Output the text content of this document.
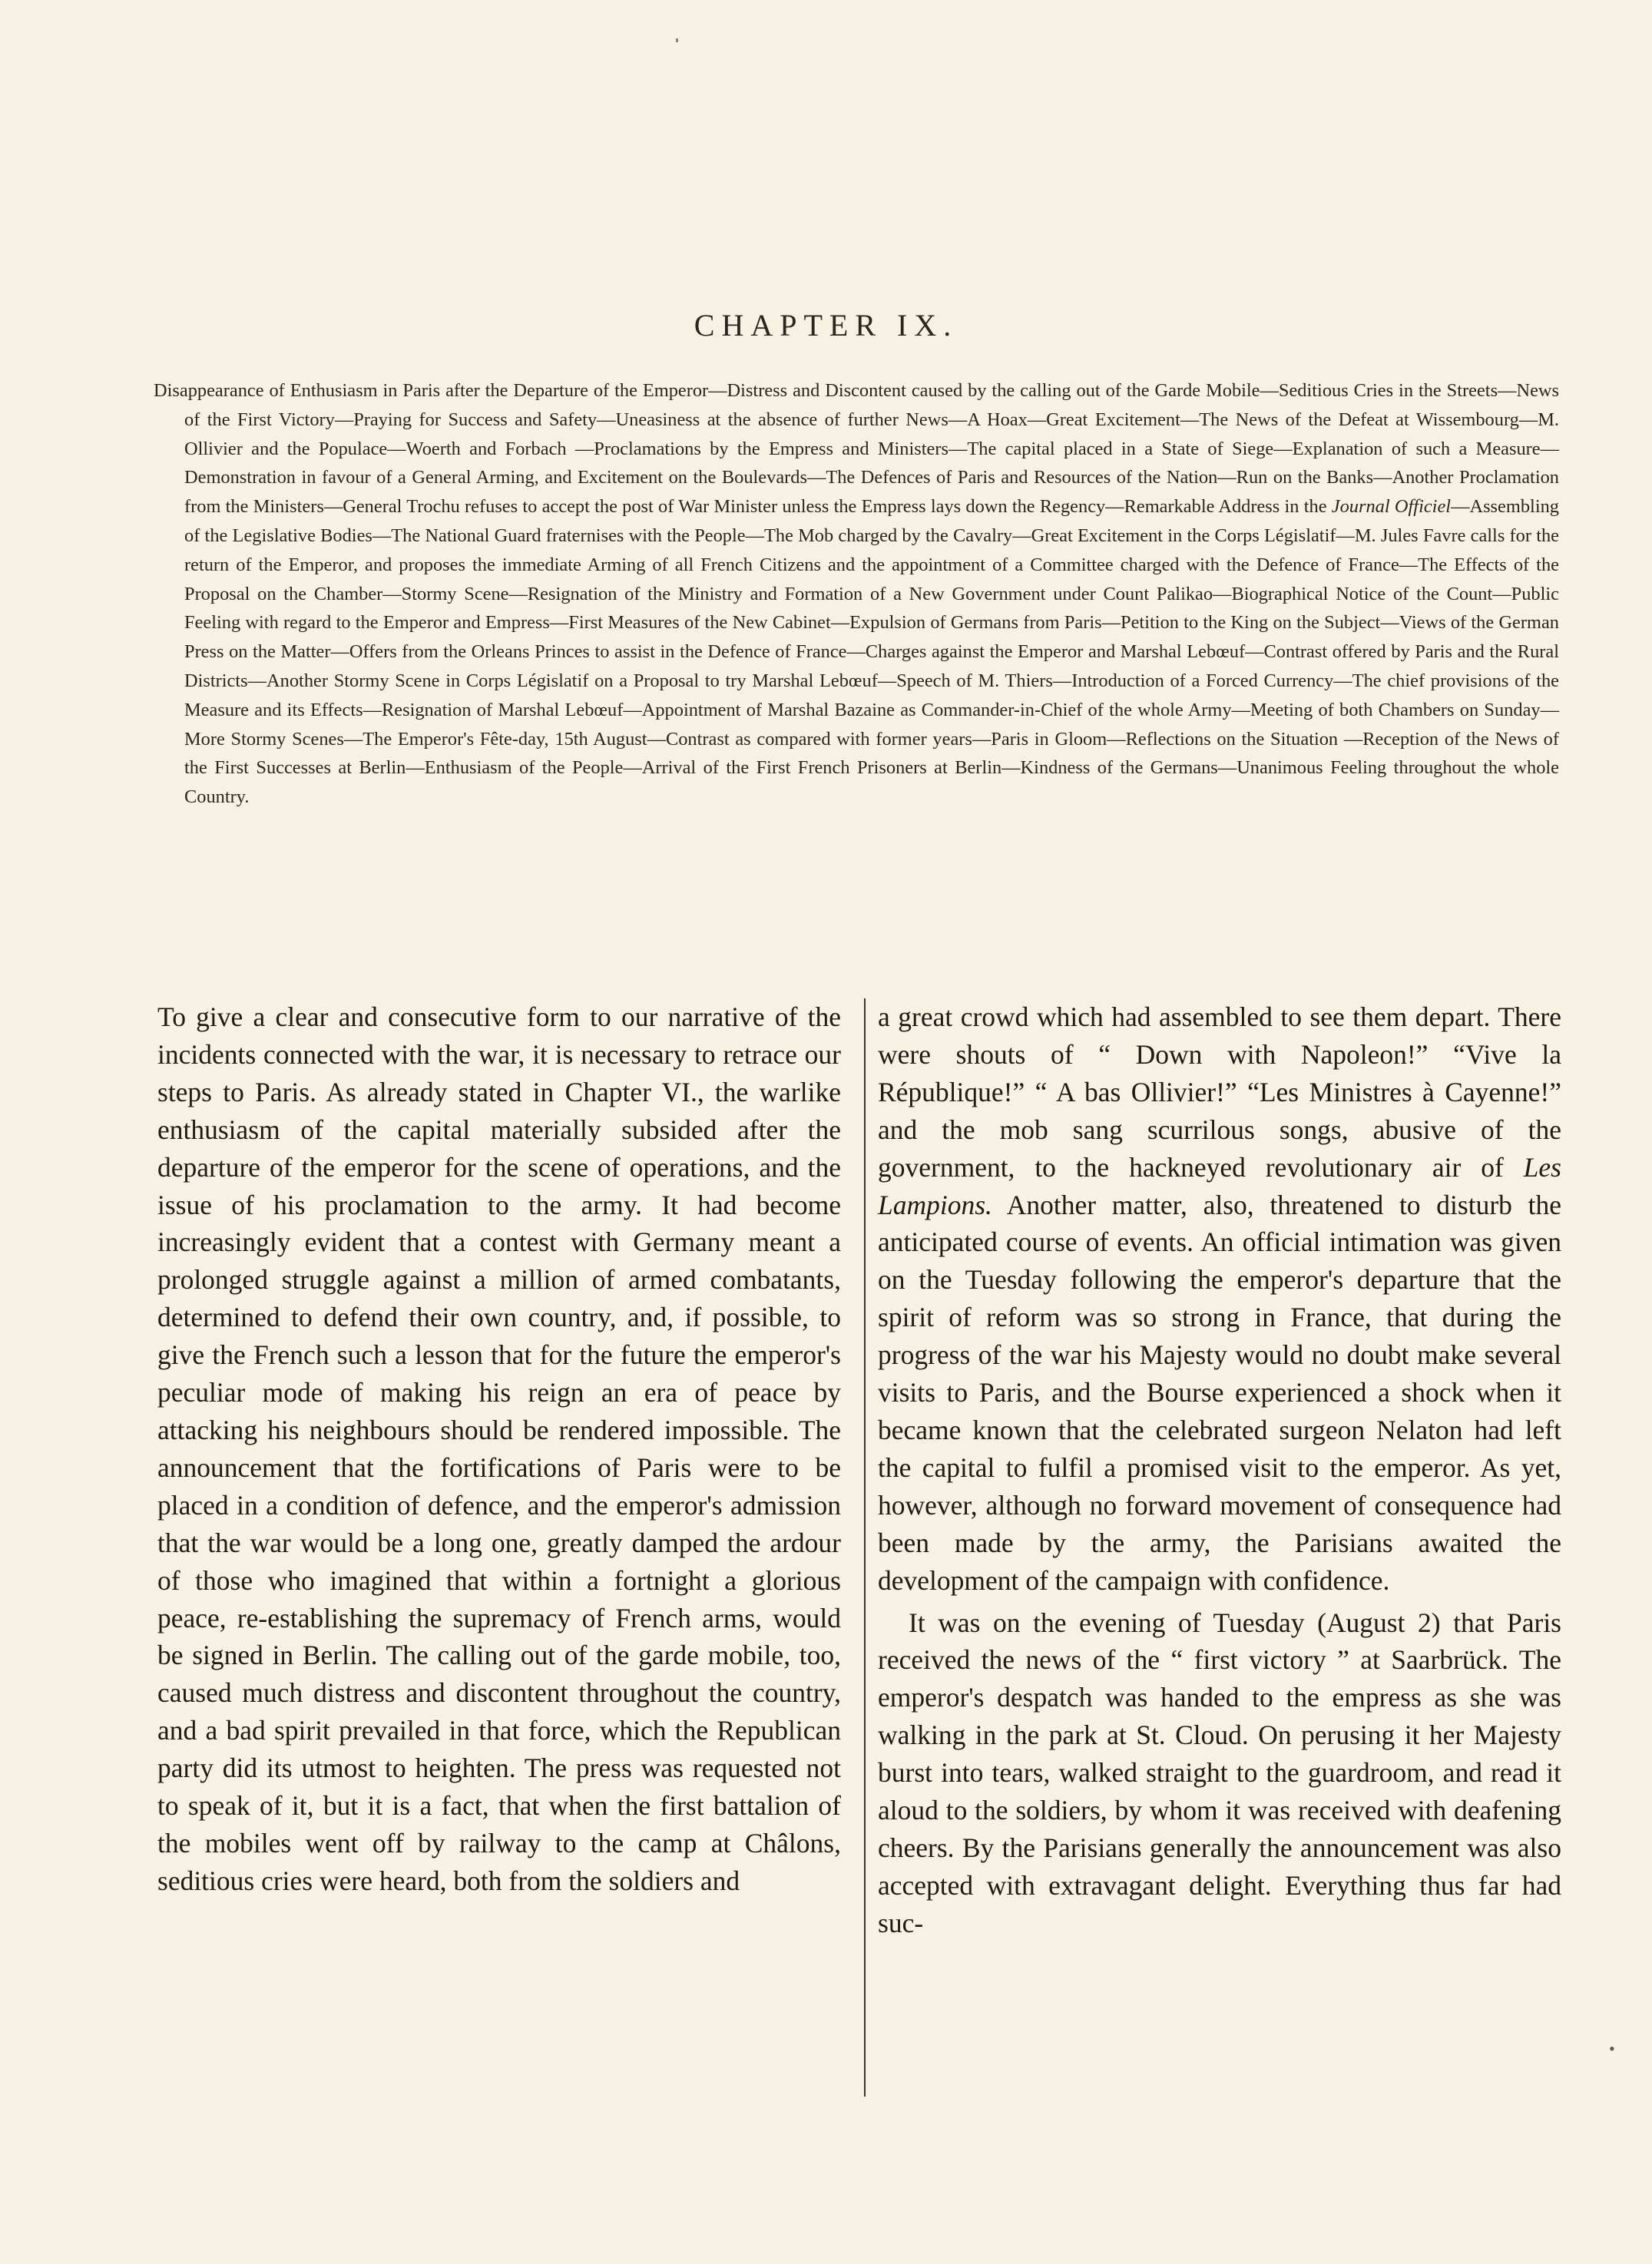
CHAPTER IX.
Disappearance of Enthusiasm in Paris after the Departure of the Emperor—Distress and Discontent caused by the calling out of the Garde Mobile—Seditious Cries in the Streets—News of the First Victory—Praying for Success and Safety—Uneasiness at the absence of further News—A Hoax—Great Excitement—The News of the Defeat at Wissembourg—M. Ollivier and the Populace—Woerth and Forbach —Proclamations by the Empress and Ministers—The capital placed in a State of Siege—Explanation of such a Measure—Demonstration in favour of a General Arming, and Excitement on the Boulevards—The Defences of Paris and Resources of the Nation—Run on the Banks—Another Proclamation from the Ministers—General Trochu refuses to accept the post of War Minister unless the Empress lays down the Regency—Remarkable Address in the Journal Officiel—Assembling of the Legislative Bodies—The National Guard fraternises with the People—The Mob charged by the Cavalry—Great Excitement in the Corps Législatif—M. Jules Favre calls for the return of the Emperor, and proposes the immediate Arming of all French Citizens and the appointment of a Committee charged with the Defence of France—The Effects of the Proposal on the Chamber—Stormy Scene—Resignation of the Ministry and Formation of a New Government under Count Palikao—Biographical Notice of the Count—Public Feeling with regard to the Emperor and Empress—First Measures of the New Cabinet—Expulsion of Germans from Paris—Petition to the King on the Subject—Views of the German Press on the Matter—Offers from the Orleans Princes to assist in the Defence of France—Charges against the Emperor and Marshal Lebœuf—Contrast offered by Paris and the Rural Districts—Another Stormy Scene in Corps Législatif on a Proposal to try Marshal Lebœuf—Speech of M. Thiers—Introduction of a Forced Currency—The chief provisions of the Measure and its Effects—Resignation of Marshal Lebœuf—Appointment of Marshal Bazaine as Commander-in-Chief of the whole Army—Meeting of both Chambers on Sunday—More Stormy Scenes—The Emperor's Fête-day, 15th August—Contrast as compared with former years—Paris in Gloom—Reflections on the Situation —Reception of the News of the First Successes at Berlin—Enthusiasm of the People—Arrival of the First French Prisoners at Berlin—Kindness of the Germans—Unanimous Feeling throughout the whole Country.

To give a clear and consecutive form to our narrative of the incidents connected with the war, it is necessary to retrace our steps to Paris. As already stated in Chapter VI., the warlike enthusiasm of the capital materially subsided after the departure of the emperor for the scene of operations, and the issue of his proclamation to the army. It had become increasingly evident that a contest with Germany meant a prolonged struggle against a million of armed combatants, determined to defend their own country, and, if possible, to give the French such a lesson that for the future the emperor's peculiar mode of making his reign an era of peace by attacking his neighbours should be rendered impossible. The announcement that the fortifications of Paris were to be placed in a condition of defence, and the emperor's admission that the war would be a long one, greatly damped the ardour of those who imagined that within a fortnight a glorious peace, re-establishing the supremacy of French arms, would be signed in Berlin. The calling out of the garde mobile, too, caused much distress and discontent throughout the country, and a bad spirit prevailed in that force, which the Republican party did its utmost to heighten. The press was requested not to speak of it, but it is a fact, that when the first battalion of the mobiles went off by railway to the camp at Châlons, seditious cries were heard, both from the soldiers and

a great crowd which had assembled to see them depart. There were shouts of “ Down with Napoleon!” “Vive la République!” “ A bas Ollivier!” “Les Ministres à Cayenne!” and the mob sang scurrilous songs, abusive of the government, to the hackneyed revolutionary air of Les Lampions. Another matter, also, threatened to disturb the anticipated course of events. An official intimation was given on the Tuesday following the emperor's departure that the spirit of reform was so strong in France, that during the progress of the war his Majesty would no doubt make several visits to Paris, and the Bourse experienced a shock when it became known that the celebrated surgeon Nelaton had left the capital to fulfil a promised visit to the emperor. As yet, however, although no forward movement of consequence had been made by the army, the Parisians awaited the development of the campaign with confidence.

It was on the evening of Tuesday (August 2) that Paris received the news of the “ first victory ” at Saarbrück. The emperor's despatch was handed to the empress as she was walking in the park at St. Cloud. On perusing it her Majesty burst into tears, walked straight to the guardroom, and read it aloud to the soldiers, by whom it was received with deafening cheers. By the Parisians generally the announcement was also accepted with extravagant delight. Everything thus far had suc-

•
